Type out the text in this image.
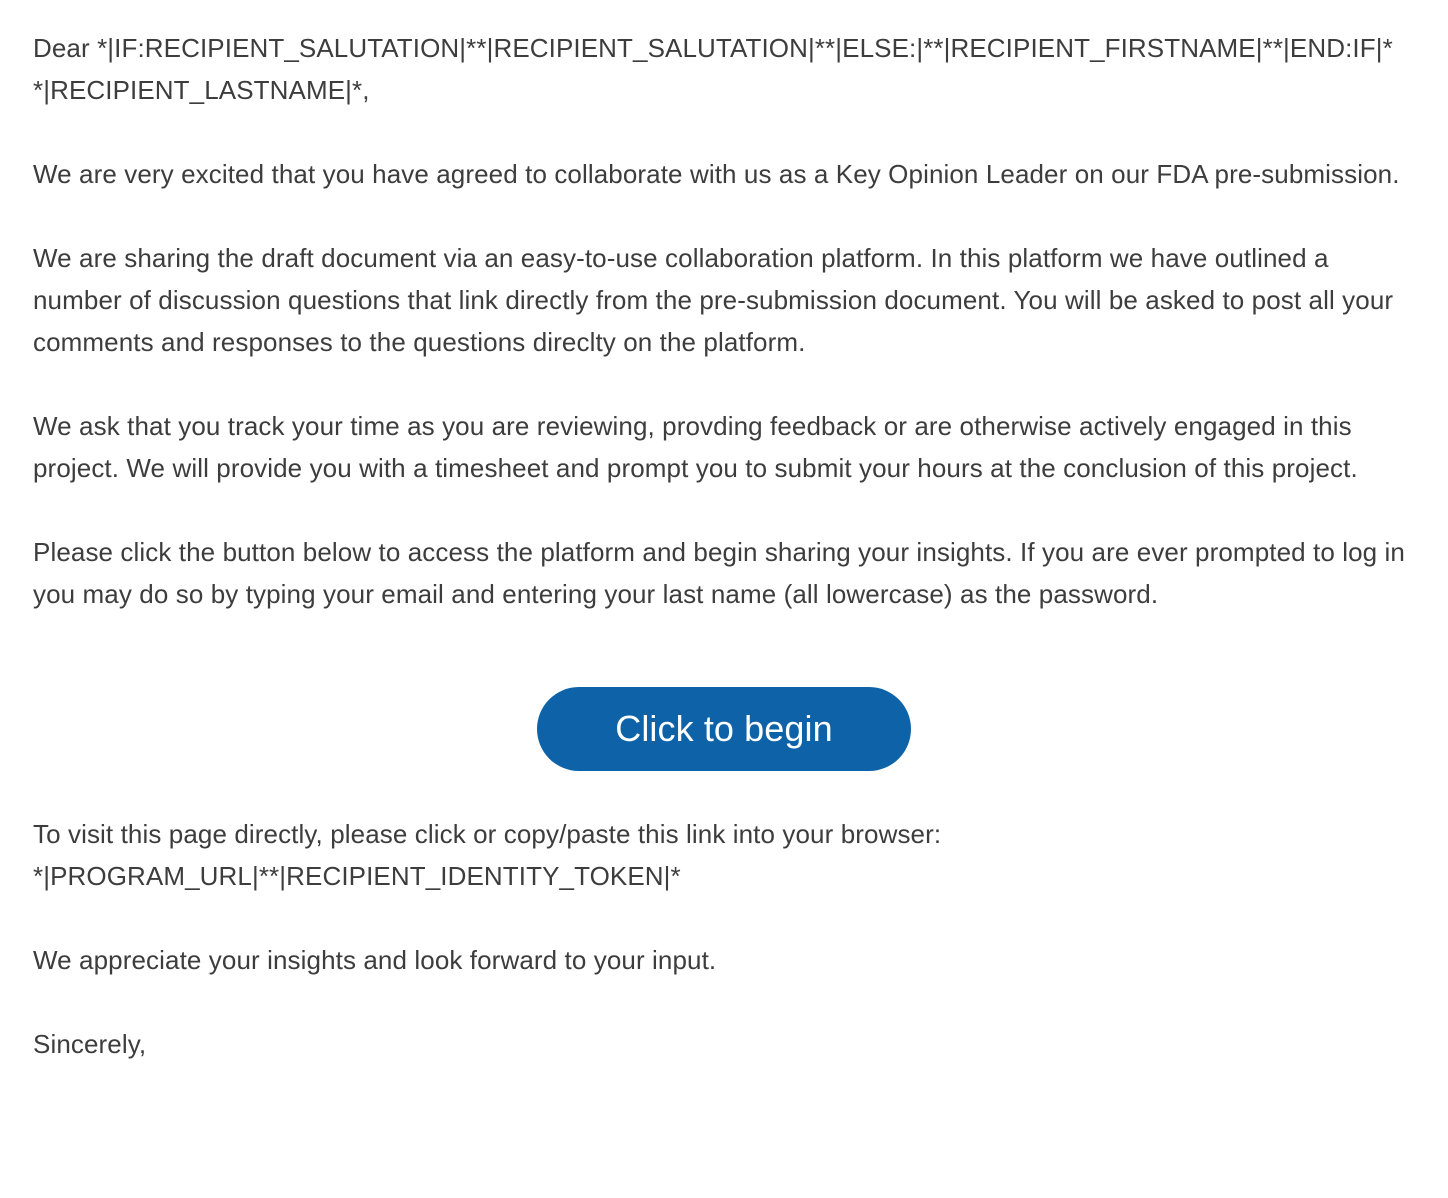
Dear *|IF:RECIPIENT_SALUTATION|**|RECIPIENT_SALUTATION|**|ELSE:|**|RECIPIENT_FIRSTNAME|**|END:IF|* *|RECIPIENT_LASTNAME|*,

We are very excited that you have agreed to collaborate with us as a Key Opinion Leader on our FDA pre-submission.

We are sharing the draft document via an easy-to-use collaboration platform. In this platform we have outlined a number of discussion questions that link directly from the pre-submission document. You will be asked to post all your comments and responses to the questions direclty on the platform.

We ask that you track your time as you are reviewing, provding feedback or are otherwise actively engaged in this project. We will provide you with a timesheet and prompt you to submit your hours at the conclusion of this project.

Please click the button below to access the platform and begin sharing your insights. If you are ever prompted to log in you may do so by typing your email and entering your last name (all lowercase) as the password.

Click to begin

To visit this page directly, please click or copy/paste this link into your browser:
*|PROGRAM_URL|**|RECIPIENT_IDENTITY_TOKEN|*

We appreciate your insights and look forward to your input.

Sincerely,
